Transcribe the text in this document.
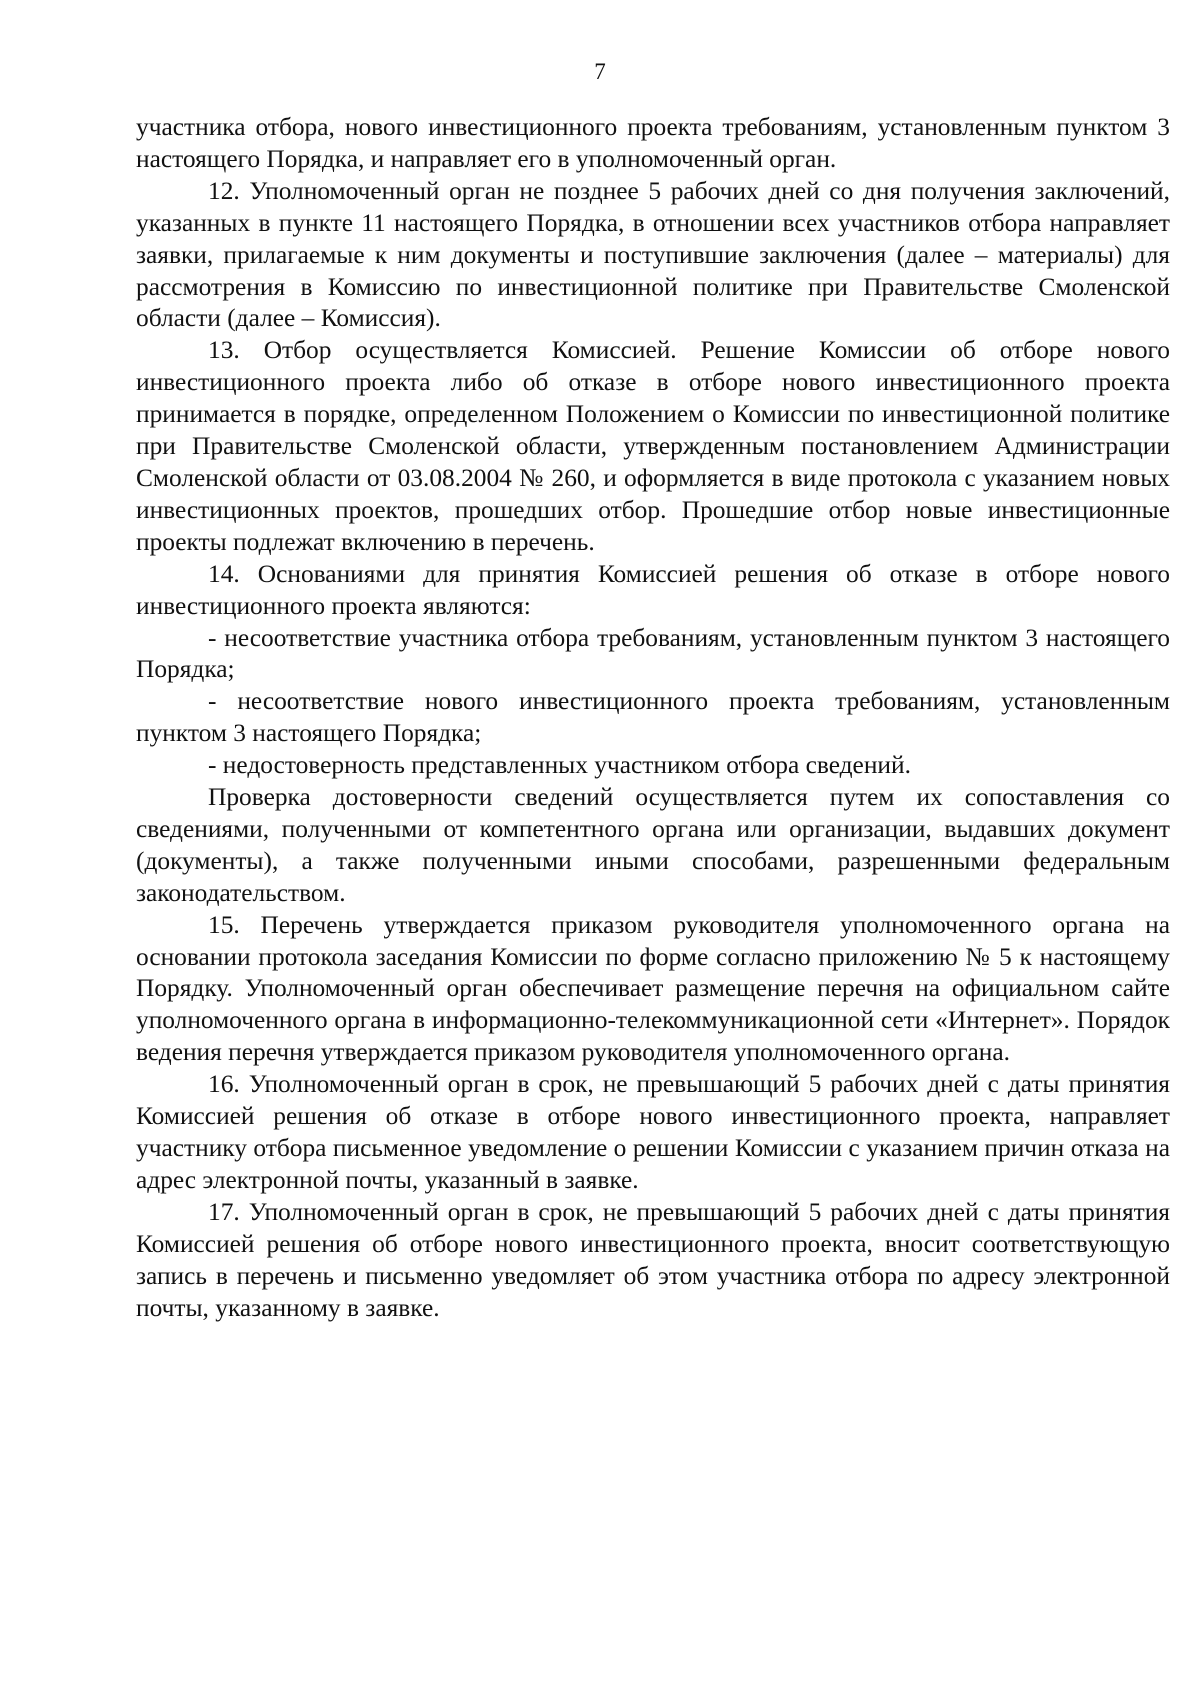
7

участника отбора, нового инвестиционного проекта требованиям, установленным пунктом 3 настоящего Порядка, и направляет его в уполномоченный орган.

12. Уполномоченный орган не позднее 5 рабочих дней со дня получения заключений, указанных в пункте 11 настоящего Порядка, в отношении всех участников отбора направляет заявки, прилагаемые к ним документы и поступившие заключения (далее – материалы) для рассмотрения в Комиссию по инвестиционной политике при Правительстве Смоленской области (далее – Комиссия).

13. Отбор осуществляется Комиссией. Решение Комиссии об отборе нового инвестиционного проекта либо об отказе в отборе нового инвестиционного проекта принимается в порядке, определенном Положением о Комиссии по инвестиционной политике при Правительстве Смоленской области, утвержденным постановлением Администрации Смоленской области от 03.08.2004 № 260, и оформляется в виде протокола с указанием новых инвестиционных проектов, прошедших отбор. Прошедшие отбор новые инвестиционные проекты подлежат включению в перечень.

14. Основаниями для принятия Комиссией решения об отказе в отборе нового инвестиционного проекта являются:

- несоответствие участника отбора требованиям, установленным пунктом 3 настоящего Порядка;

- несоответствие нового инвестиционного проекта требованиям, установленным пунктом 3 настоящего Порядка;

- недостоверность представленных участником отбора сведений.

Проверка достоверности сведений осуществляется путем их сопоставления со сведениями, полученными от компетентного органа или организации, выдавших документ (документы), а также полученными иными способами, разрешенными федеральным законодательством.

15. Перечень утверждается приказом руководителя уполномоченного органа на основании протокола заседания Комиссии по форме согласно приложению № 5 к настоящему Порядку. Уполномоченный орган обеспечивает размещение перечня на официальном сайте уполномоченного органа в информационно-телекоммуникационной сети «Интернет». Порядок ведения перечня утверждается приказом руководителя уполномоченного органа.

16. Уполномоченный орган в срок, не превышающий 5 рабочих дней с даты принятия Комиссией решения об отказе в отборе нового инвестиционного проекта, направляет участнику отбора письменное уведомление о решении Комиссии с указанием причин отказа на адрес электронной почты, указанный в заявке.

17. Уполномоченный орган в срок, не превышающий 5 рабочих дней с даты принятия Комиссией решения об отборе нового инвестиционного проекта, вносит соответствующую запись в перечень и письменно уведомляет об этом участника отбора по адресу электронной почты, указанному в заявке.
